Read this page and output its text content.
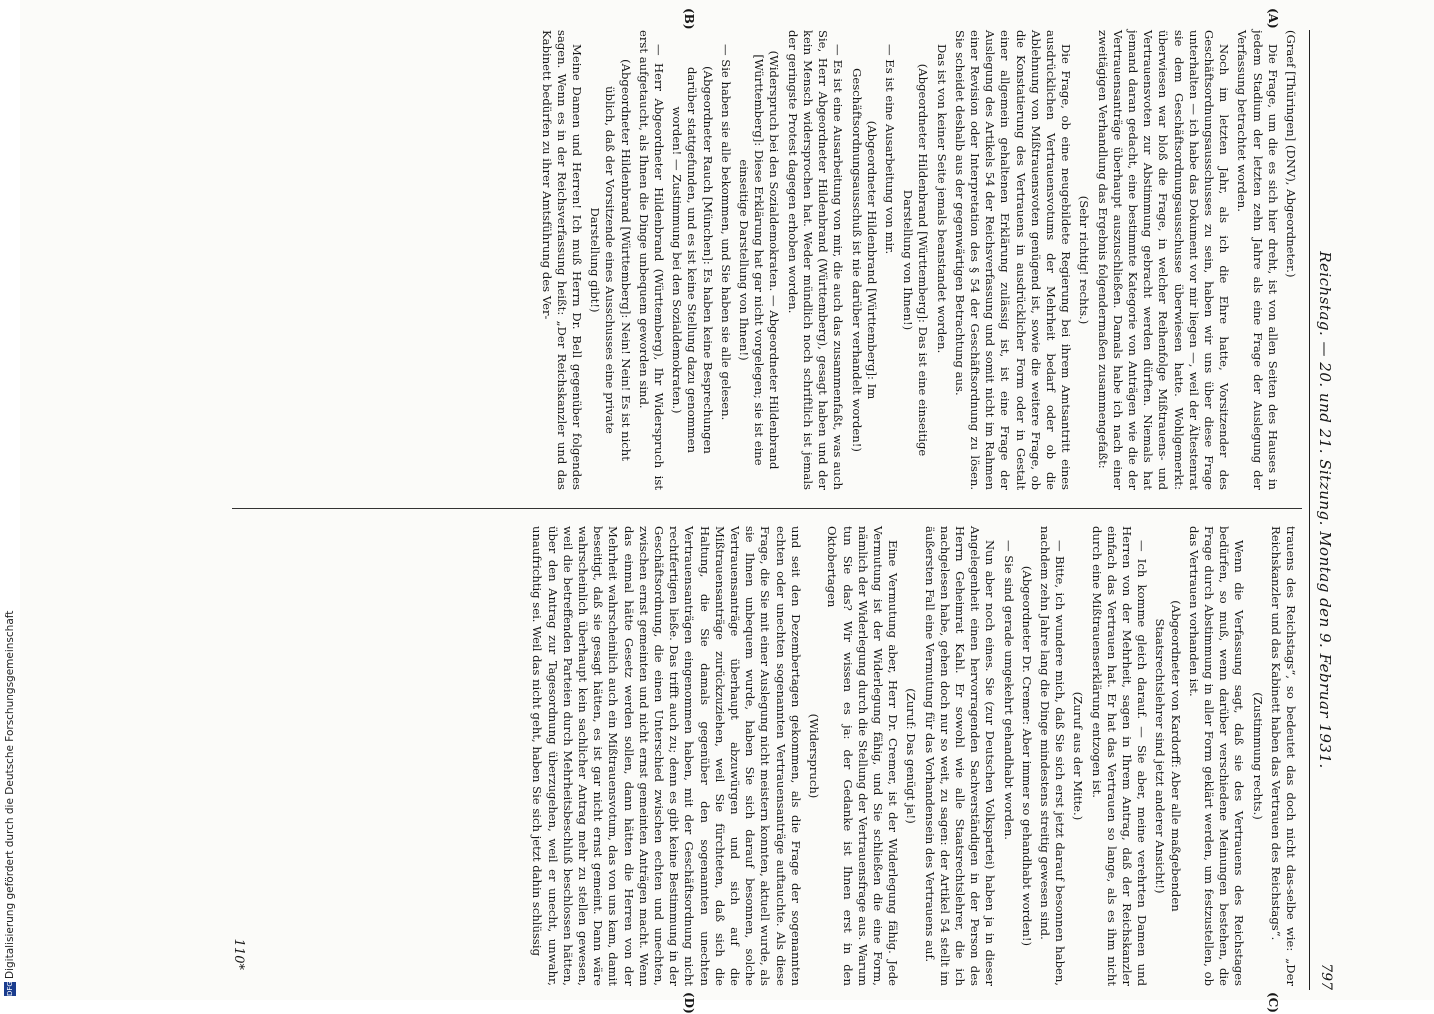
Reichstag. — 20. und 21. Sitzung. Montag den 9. Februar 1931.
797
(A)
(B)
(C)
(D)

(Graef [Thüringen] (DNV), Abgeordneter.)

Die Frage, um die es sich hier dreht, ist von allen Seiten des Hauses in jedem Stadium der letzten zehn Jahre als eine Frage der Auslegung der Verfassung betrachtet worden.

Noch im letzten Jahr, als ich die Ehre hatte, Vorsitzender des Geschäftsordnungsausschusses zu sein, haben wir uns über diese Frage unterhalten — ich habe das Dokument vor mir liegen —, weil der Ältestenrat sie dem Geschäftsordnungsausschusse überwiesen hatte. Wohlgemerkt: überwiesen war bloß die Frage, in welcher Reihenfolge Mißtrauens- und Vertrauensvoten zur Abstimmung gebracht werden dürften. Niemals hat jemand daran gedacht, eine bestimmte Kategorie von Anträgen wie die der Vertrauensanträge überhaupt auszuschließen. Damals habe ich nach einer zweitägigen Verhandlung das Ergebnis folgendermaßen zusammengefaßt:

(Sehr richtig! rechts.)

Die Frage, ob eine neugebildete Regierung bei ihrem Amtsantritt eines ausdrücklichen Vertrauensvotums der Mehrheit bedarf oder ob die Ablehnung von Mißtrauensvoten genügend ist, sowie die weitere Frage, ob die Konstatierung des Vertrauens in ausdrücklicher Form oder in Gestalt einer allgemein gehaltenen Erklärung zulässig ist, ist eine Frage der Auslegung des Artikels 54 der Reichsverfassung und somit nicht im Rahmen einer Revision oder Interpretation des § 54 der Geschäftsordnung zu lösen. Sie scheidet deshalb aus der gegenwärtigen Betrachtung aus.

Das ist von keiner Seite jemals beanstandet worden.

(Abgeordneter Hildenbrand [Württemberg]: Das ist eine einseitige Darstellung von Ihnen!)

— Es ist eine Ausarbeitung von mir.

(Abgeordneter Hildenbrand [Württemberg]: Im Geschäftsordnungsausschuß ist nie darüber verhandelt worden!)

— Es ist eine Ausarbeitung von mir, die auch das zusammenfaßt, was auch Sie, Herr Abgeordneter Hildenbrand (Württemberg), gesagt haben und der kein Mensch widersprochen hat. Weder mündlich noch schriftlich ist jemals der geringste Protest dagegen erhoben worden.

(Widerspruch bei den Sozialdemokraten. — Abgeordneter Hildenbrand [Württemberg]: Diese Erklärung hat gar nicht vorgelegen; sie ist eine einseitige Darstellung von Ihnen!)

— Sie haben sie alle bekommen, und Sie haben sie alle gelesen.

(Abgeordneter Rauch [München]: Es haben keine Besprechungen darüber stattgefunden, und es ist keine Stellung dazu genommen worden! — Zustimmung bei den Sozialdemokraten.)

— Herr Abgeordneter Hildenbrand (Württemberg), Ihr Widerspruch ist erst aufgetaucht, als Ihnen die Dinge unbequem geworden sind.

(Abgeordneter Hildenbrand [Württemberg]: Nein! Nein! Es ist nicht üblich, daß der Vorsitzende eines Ausschusses eine private Darstellung gibt!)

Meine Damen und Herren! Ich muß Herrn Dr. Bell gegenüber folgendes sagen. Wenn es in der Reichsverfassung heißt: „Der Reichskanzler und das Kabinett bedürfen zu ihrer Amtsführung des Ver-

trauens des Reichstags“, so bedeutet das doch nicht das-selbe wie: „Der Reichskanzler und das Kabinett haben das Vertrauen des Reichstags“.

(Zustimmung rechts.)

Wenn die Verfassung sagt, daß sie des Vertrauens des Reichstages bedürfen, so muß, wenn darüber verschiedene Meinungen bestehen, die Frage durch Abstimmung in aller Form geklärt werden, um festzustellen, ob das Vertrauen vorhanden ist.

(Abgeordneter von Kardorff: Aber alle maßgebenden Staatsrechtslehrer sind jetzt anderer Ansicht!)

— Ich komme gleich darauf. — Sie aber, meine verehrten Damen und Herren von der Mehrheit, sagen in Ihrem Antrag, daß der Reichskanzler einfach das Vertrauen hat. Er hat das Vertrauen so lange, als es ihm nicht durch eine Mißtrauenserklärung entzogen ist.

(Zuruf aus der Mitte.)

— Bitte, ich wundere mich, daß Sie sich erst jetzt darauf besonnen haben, nachdem zehn Jahre lang die Dinge mindestens streitig gewesen sind.

(Abgeordneter Dr. Cremer: Aber immer so gehandhabt worden!)

— Sie sind gerade umgekehrt gehandhabt worden.

Nun aber noch eines. Sie (zur Deutschen Volkspartei) haben ja in dieser Angelegenheit einen hervorragenden Sachverständigen in der Person des Herrn Geheimrat Kahl. Er sowohl wie alle Staatsrechtslehrer, die ich nachgelesen habe, gehen doch nur so weit, zu sagen: der Artikel 54 stellt im äußersten Fall eine Vermutung für das Vorhandensein des Vertrauens auf.

(Zuruf: Das genügt ja!)

Eine Vermutung aber, Herr Dr. Cremer, ist der Widerlegung fähig. Jede Vermutung ist der Widerlegung fähig, und Sie schließen die eine Form, nämlich der Widerlegung durch die Stellung der Vertrauensfrage aus. Warum tun Sie das? Wir wissen es ja: der Gedanke ist Ihnen erst in den Oktobertagen

(Widerspruch)

und seit den Dezembertagen gekommen, als die Frage der sogenannten echten oder unechten sogenannten Vertrauensanträge auftauchte. Als diese Frage, die Sie mit einer Auslegung nicht meistern konnten, aktuell wurde, als sie Ihnen unbequem wurde, haben Sie sich darauf besonnen, solche Vertrauensanträge überhaupt abzuwürgen und sich auf die Mißtrauensanträge zurückzuziehen, weil Sie fürchteten, daß sich die Haltung, die Sie damals gegenüber den sogenannten unechten Vertrauensanträgen eingenommen haben, mit der Geschäftsordnung nicht rechtfertigen ließe. Das trifft auch zu; denn es gibt keine Bestimmung in der Geschäftsordnung, die einen Unterschied zwischen echten und unechten, zwischen ernst gemeinten und nicht ernst gemeinten Anträgen macht. Wenn das einmal hätte Gesetz werden sollen, dann hätten die Herren von der Mehrheit wahrscheinlich auch ein Mißtrauensvotum, das von uns kam, damit beseitigt, daß sie gesagt hätten, es ist gar nicht ernst gemeint. Dann wäre wahrscheinlich überhaupt kein sachlicher Antrag mehr zu stellen gewesen, weil die betreffenden Parteien durch Mehrheitsbeschluß beschlossen hätten, über den Antrag zur Tagesordnung überzugehen, weil er unecht, unwahr, unaufrichtig sei. Weil das nicht geht, haben Sie sich jetzt dahin schlüssig

110*
DFGDigitalisierung gefördert durch die Deutsche Forschungsgemeinschaft
